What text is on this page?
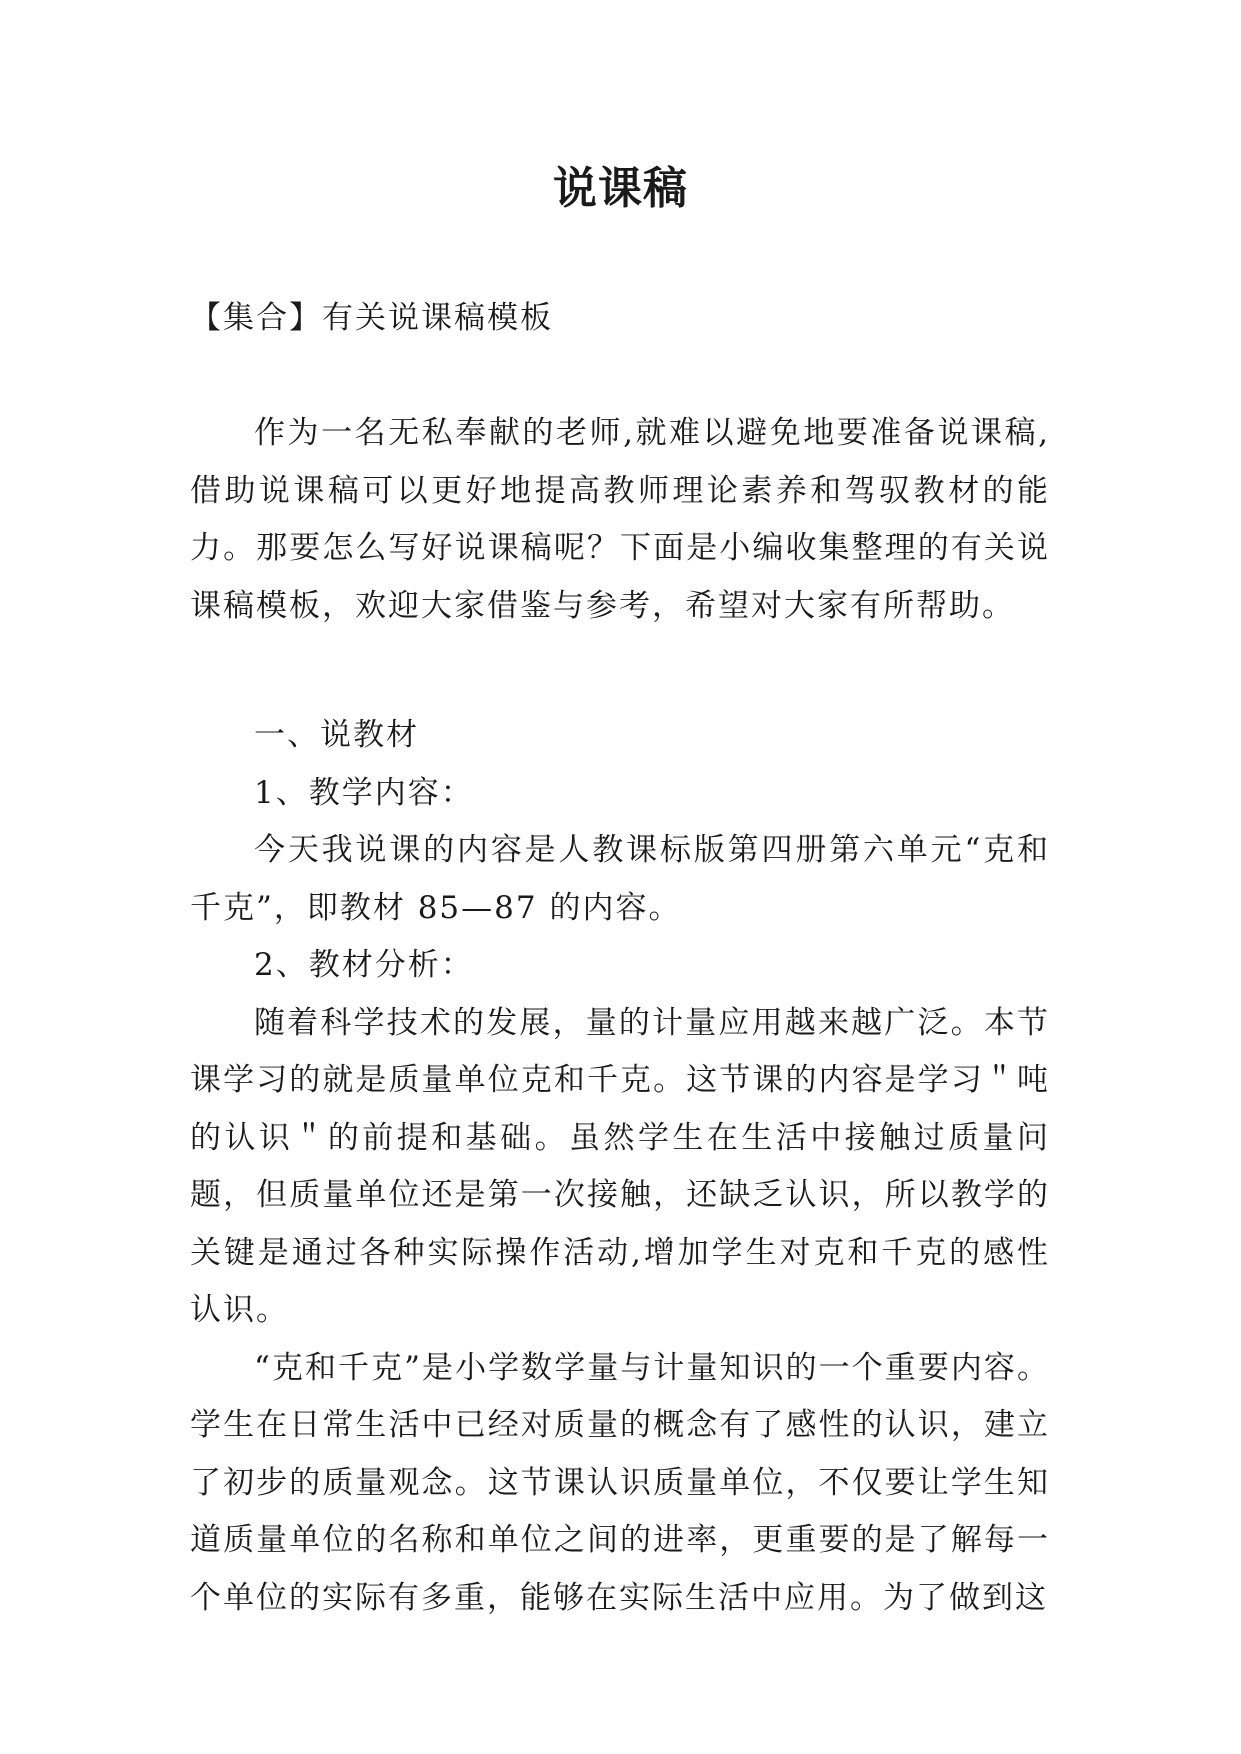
说课稿
【集合】有关说课稿模板

作为一名无私奉献的老师,就难以避免地要准备说课稿,借助说课稿可以更好地提高教师理论素养和驾驭教材的能力。那要怎么写好说课稿呢？下面是小编收集整理的有关说课稿模板，欢迎大家借鉴与参考，希望对大家有所帮助。

一、说教材

1、教学内容：

今天我说课的内容是人教课标版第四册第六单元“克和千克”，即教材 85—87 的内容。

2、教材分析：

随着科学技术的发展，量的计量应用越来越广泛。本节课学习的就是质量单位克和千克。这节课的内容是学习＂吨的认识＂的前提和基础。虽然学生在生活中接触过质量问题，但质量单位还是第一次接触，还缺乏认识，所以教学的关键是通过各种实际操作活动,增加学生对克和千克的感性认识。

“克和千克”是小学数学量与计量知识的一个重要内容。学生在日常生活中已经对质量的概念有了感性的认识，建立了初步的质量观念。这节课认识质量单位，不仅要让学生知道质量单位的名称和单位之间的进率，更重要的是了解每一个单位的实际有多重，能够在实际生活中应用。为了做到这
